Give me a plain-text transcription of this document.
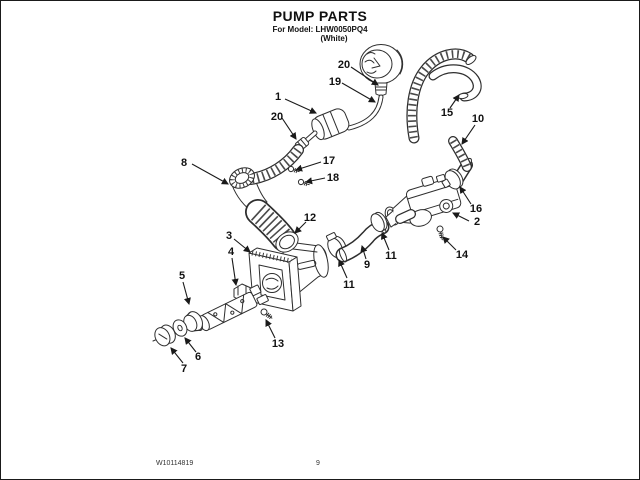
PUMP PARTS
For Model: LHW0050PQ4
(White)
1
20
19
20
15 10
8	17
18
12
16
2
14
9
11
11
3
4
5
6
7
13
W10114819	9
